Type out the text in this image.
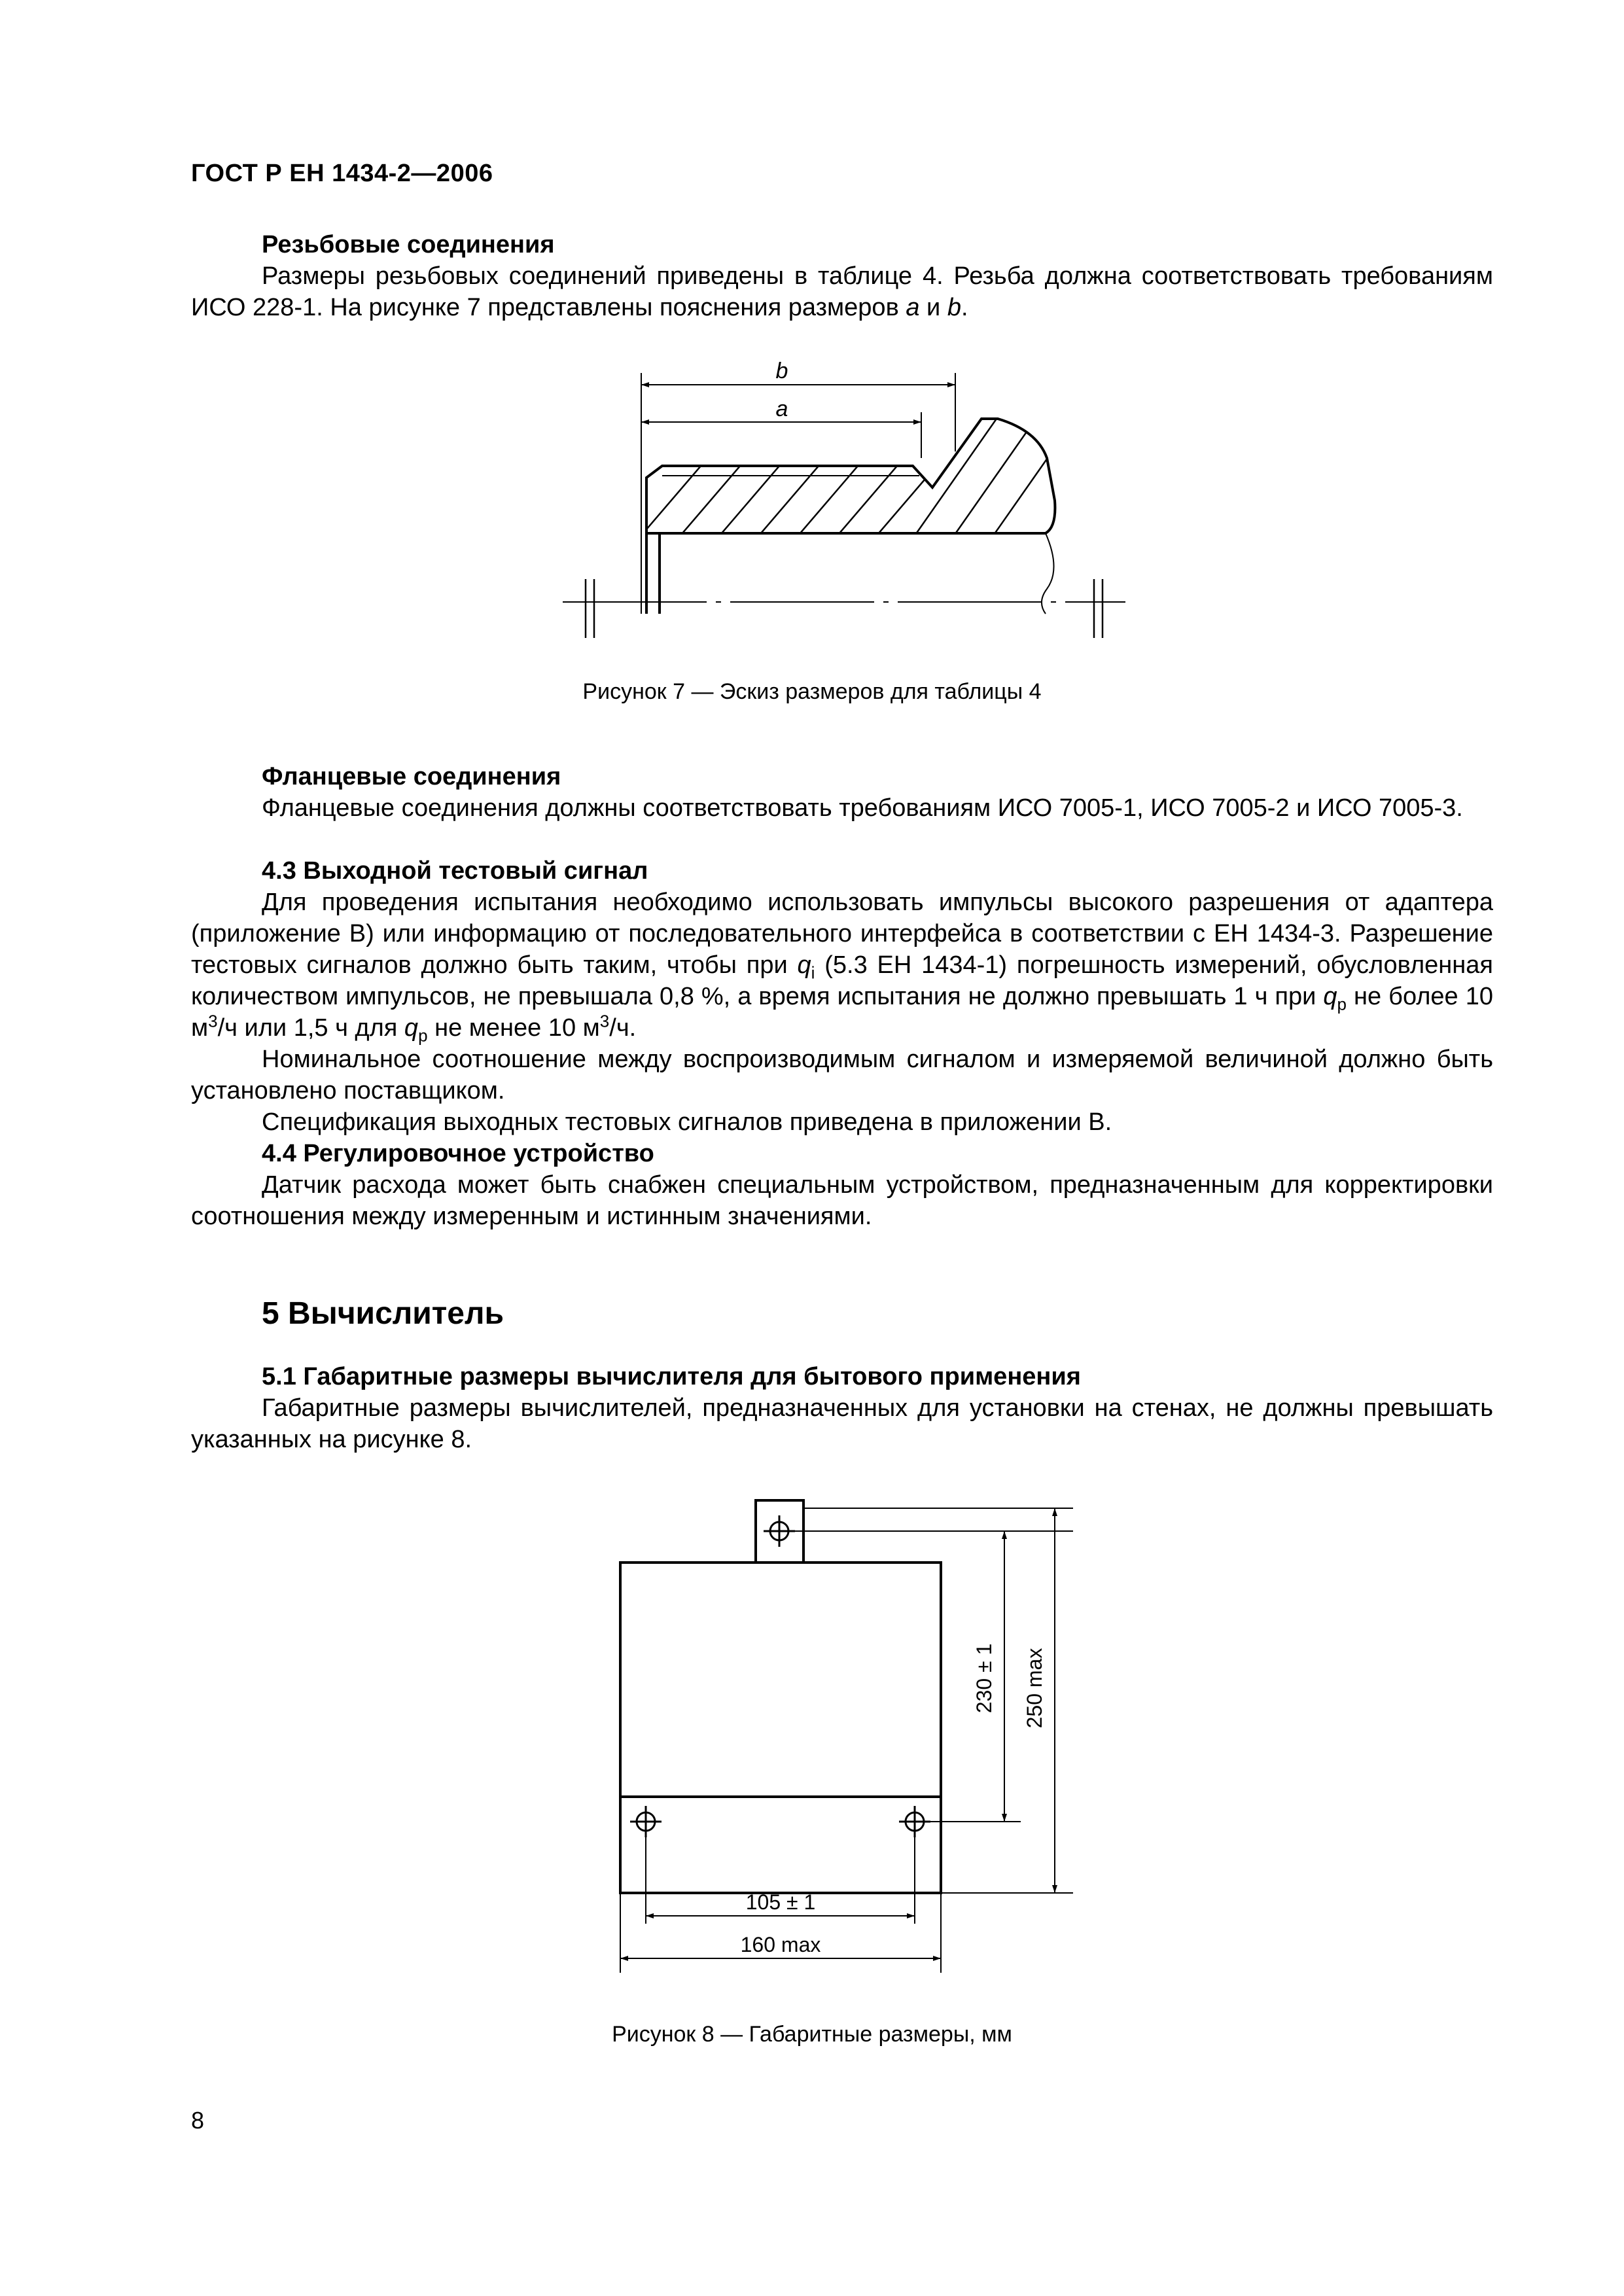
ГОСТ Р ЕН 1434-2—2006
Резьбовые соединения

Размеры резьбовых соединений приведены в таблице 4. Резьба должна соответствовать требованиям ИСО 228-1. На рисунке 7 представлены пояснения размеров a и b.

b
a
Рисунок 7 — Эскиз размеров для таблицы 4
Фланцевые соединения

Фланцевые соединения должны соответствовать требованиям ИСО 7005-1, ИСО 7005-2 и ИСО 7005-3.

4.3 Выходной тестовый сигнал

Для проведения испытания необходимо использовать импульсы высокого разрешения от адаптера (приложение В) или информацию от последовательного интерфейса в соответствии с ЕН 1434-3. Разрешение тестовых сигналов должно быть таким, чтобы при $q_i$ (5.3 ЕН 1434-1) погрешность измерений, обусловленная количеством импульсов, не превышала 0,8 %, а время испытания не должно превышать 1 ч при $q_p$ не более 10 $м^3/ч$ или 1,5 ч для $q_p$ не менее 10 $м^3/ч$.

Номинальное соотношение между воспроизводимым сигналом и измеряемой величиной должно быть установлено поставщиком.

Спецификация выходных тестовых сигналов приведена в приложении В.

4.4 Регулировочное устройство

Датчик расхода может быть снабжен специальным устройством, предназначенным для корректировки соотношения между измеренным и истинным значениями.

5 Вычислитель
5.1 Габаритные размеры вычислителя для бытового применения

Габаритные размеры вычислителей, предназначенных для установки на стенах, не должны превышать указанных на рисунке 8.

230 ± 1 250 max
105 ± 1
160 max
Рисунок 8 — Габаритные размеры, мм
8
